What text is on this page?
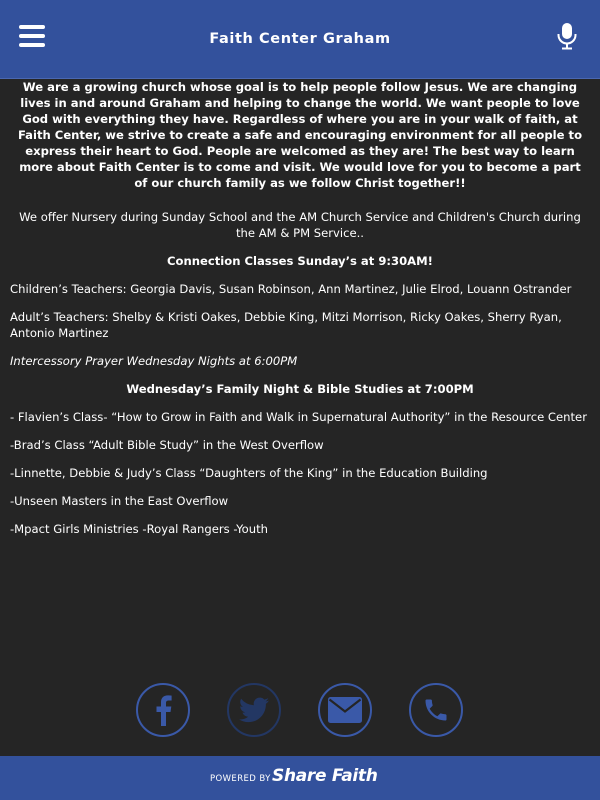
Faith Center Graham

We are a growing church whose goal is to help people follow Jesus. We are changing lives in and around Graham and helping to change the world. We want people to love God with everything they have. Regardless of where you are in your walk of faith, at Faith Center, we strive to create a safe and encouraging environment for all people to express their heart to God. People are welcomed as they are! The best way to learn more about Faith Center is to come and visit. We would love for you to become a part of our church family as we follow Christ together!!

We offer Nursery during Sunday School and the AM Church Service and Children's Church during the AM & PM Service..

Connection Classes Sunday’s at 9:30AM!

Children’s Teachers: Georgia Davis, Susan Robinson, Ann Martinez, Julie Elrod, Louann Ostrander

Adult’s Teachers: Shelby & Kristi Oakes, Debbie King, Mitzi Morrison, Ricky Oakes, Sherry Ryan, Antonio Martinez

Intercessory Prayer Wednesday Nights at 6:00PM

Wednesday’s Family Night & Bible Studies at 7:00PM

- Flavien’s Class- “How to Grow in Faith and Walk in Supernatural Authority” in the Resource Center

-Brad’s Class “Adult Bible Study” in the West Overflow

-Linnette, Debbie & Judy’s Class “Daughters of the King” in the Education Building

-Unseen Masters in the East Overflow

-Mpact Girls Ministries -Royal Rangers -Youth

POWERED BY Share Faith
